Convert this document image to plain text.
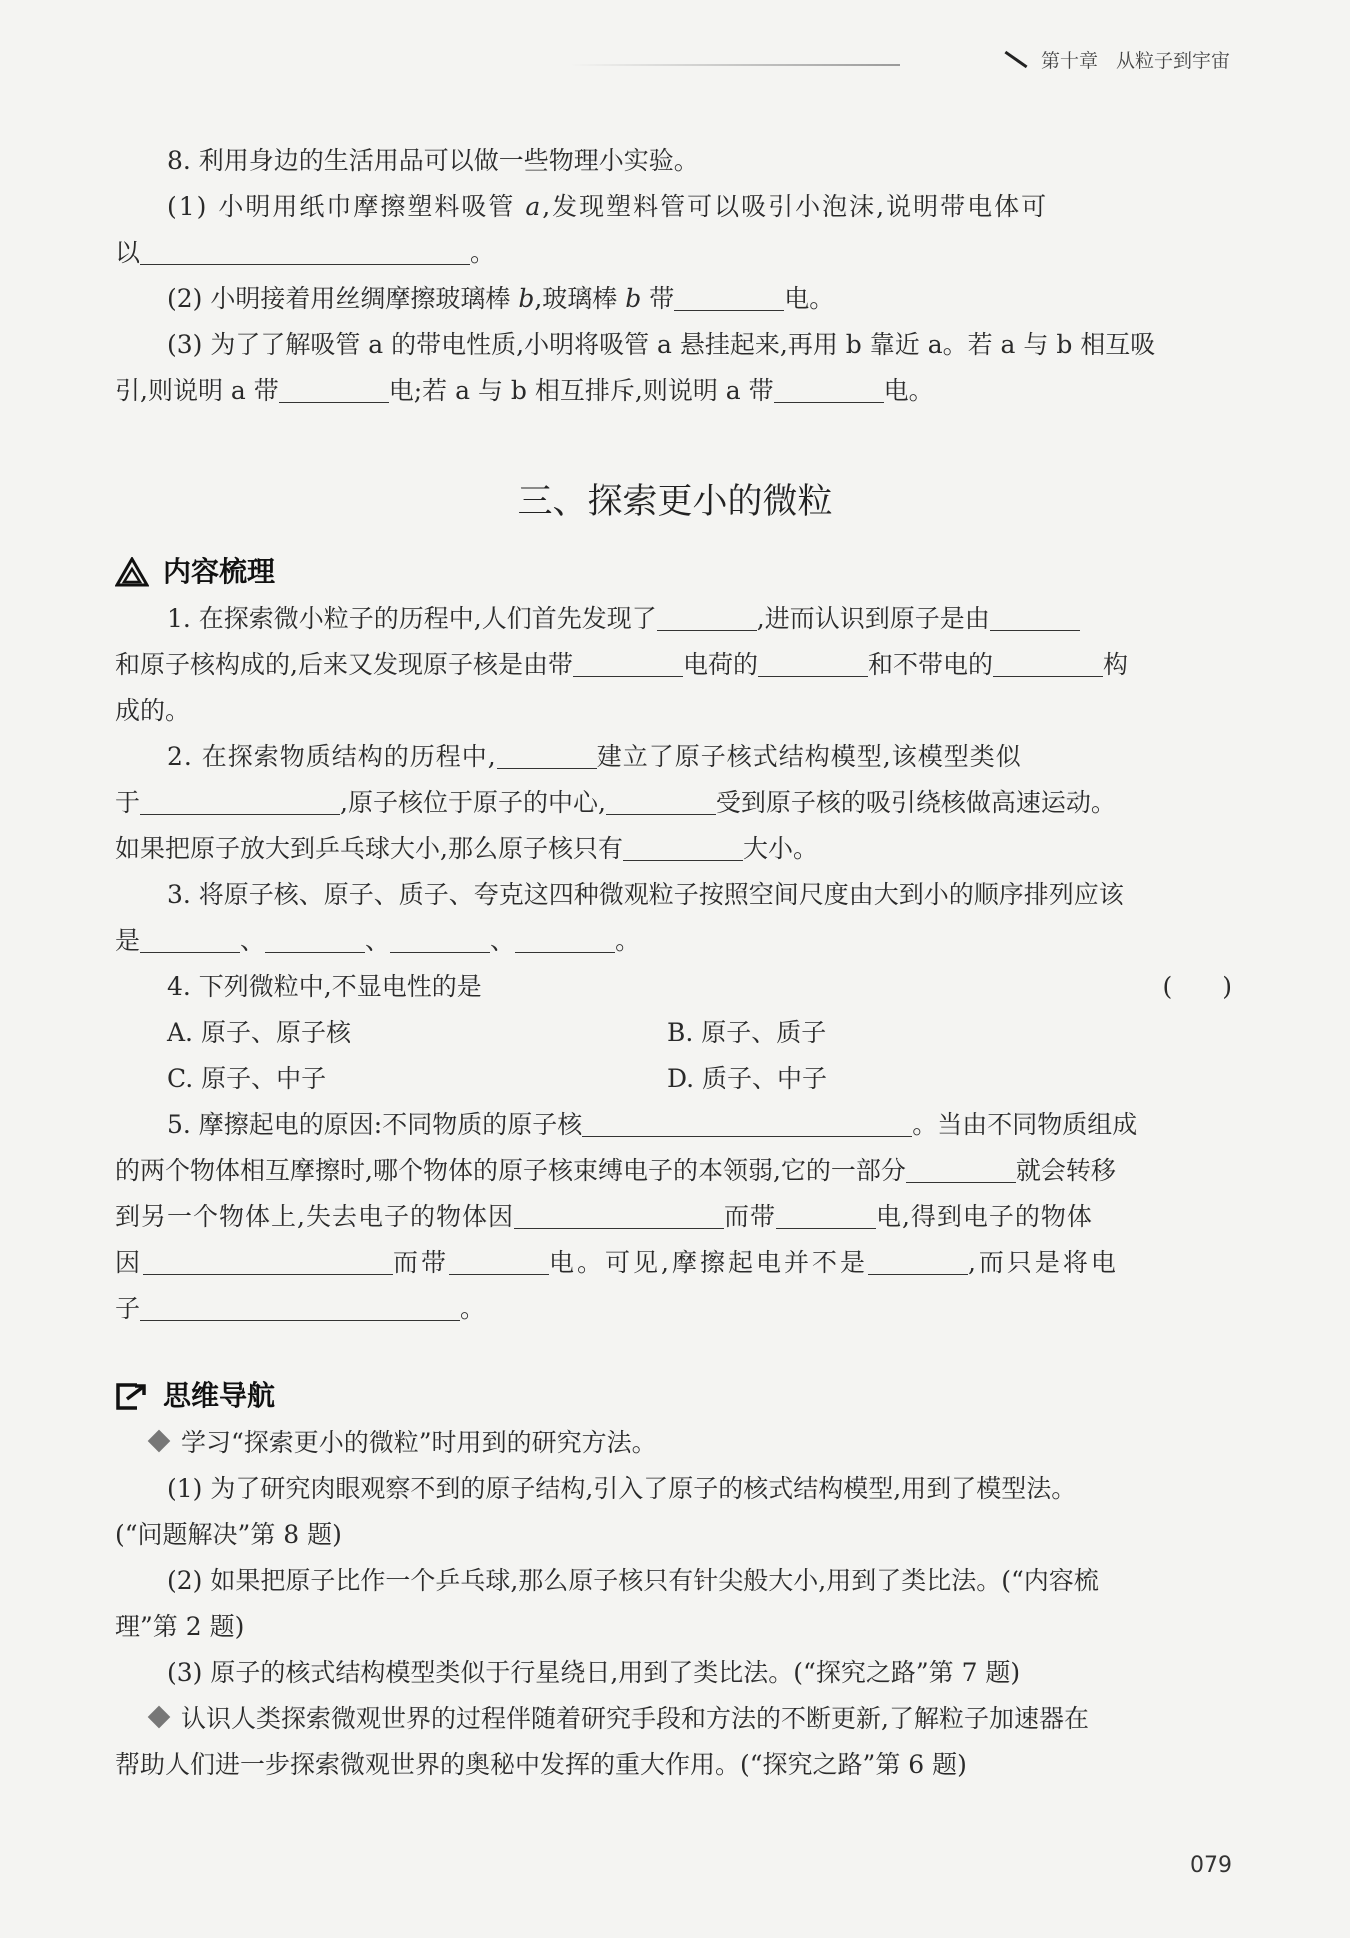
第十章 从粒子到宇宙

8. 利用身边的生活用品可以做一些物理小实验。

(1) 小明用纸巾摩擦塑料吸管 a,发现塑料管可以吸引小泡沫,说明带电体可

以	。

(2) 小明接着用丝绸摩擦玻璃棒 b,玻璃棒 b 带	电。

(3) 为了了解吸管 a 的带电性质,小明将吸管 a 悬挂起来,再用 b 靠近 a。若 a 与 b 相互吸

引,则说明 a 带	电;若 a 与 b 相互排斥,则说明 a 带	电。

三、探索更小的微粒
内容梳理

1. 在探索微小粒子的历程中,人们首先发现了	,进而认识到原子是由

和原子核构成的,后来又发现原子核是由带	电荷的	和不带电的	构

成的。

2. 在探索物质结构的历程中,	建立了原子核式结构模型,该模型类似

于	,原子核位于原子的中心,	受到原子核的吸引绕核做高速运动。

如果把原子放大到乒乓球大小,那么原子核只有	大小。

3. 将原子核、原子、质子、夸克这四种微观粒子按照空间尺度由大到小的顺序排列应该

是	、	、	、	。

4. 下列微粒中,不显电性的是	(　　)

A. 原子、原子核	B. 原子、质子
C. 原子、中子	D. 质子、中子

5. 摩擦起电的原因:不同物质的原子核	。当由不同物质组成

的两个物体相互摩擦时,哪个物体的原子核束缚电子的本领弱,它的一部分	就会转移

到另一个物体上,失去电子的物体因	而带	电,得到电子的物体

因	而带	电。可见,摩擦起电并不是	,而只是将电

子	。

思维导航

学习“探索更小的微粒”时用到的研究方法。

(1) 为了研究肉眼观察不到的原子结构,引入了原子的核式结构模型,用到了模型法。

(“问题解决”第 8 题)

(2) 如果把原子比作一个乒乓球,那么原子核只有针尖般大小,用到了类比法。(“内容梳

理”第 2 题)

(3) 原子的核式结构模型类似于行星绕日,用到了类比法。(“探究之路”第 7 题)

认识人类探索微观世界的过程伴随着研究手段和方法的不断更新,了解粒子加速器在

帮助人们进一步探索微观世界的奥秘中发挥的重大作用。(“探究之路”第 6 题)

079
